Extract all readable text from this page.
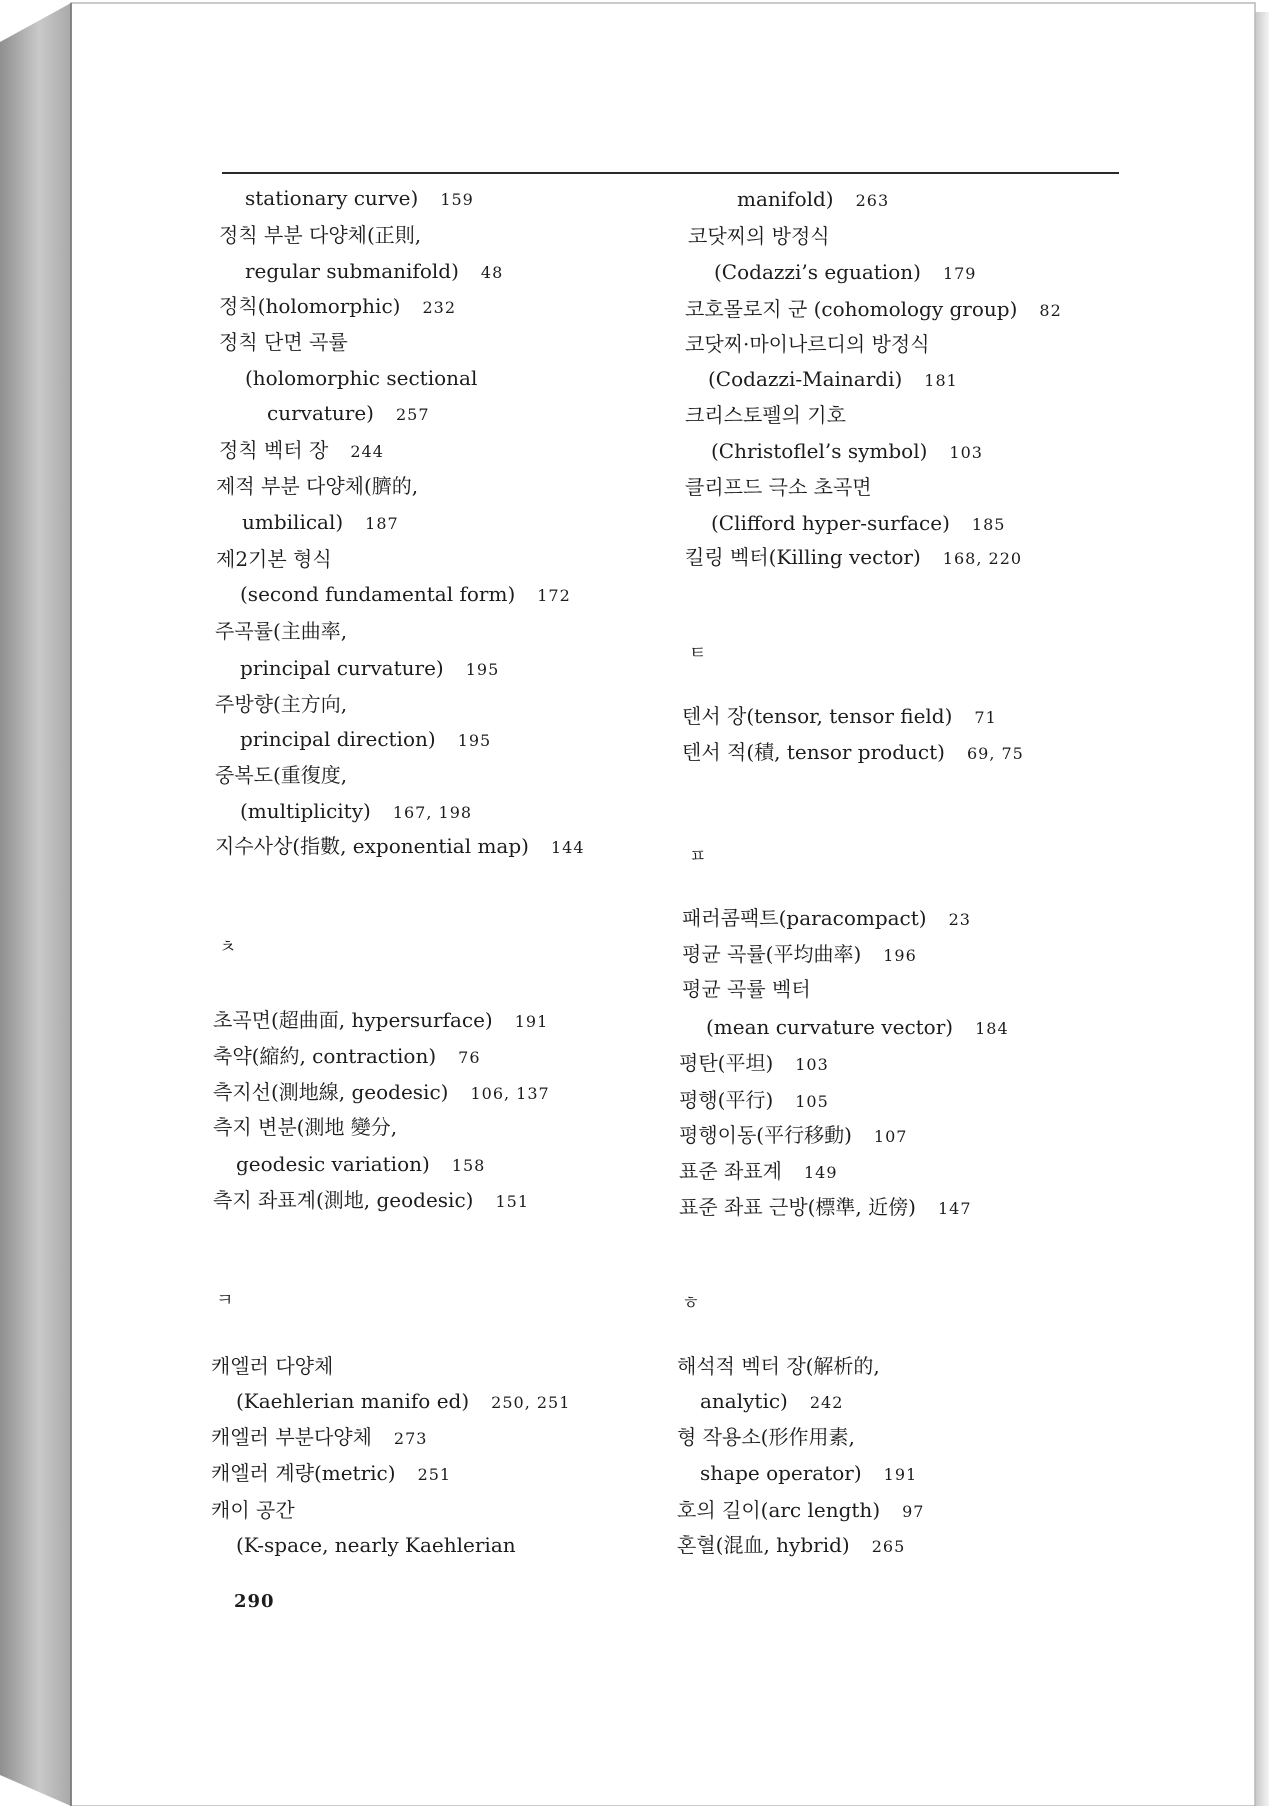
stationary curve) 159
정칙 부분 다양체(正則,
regular submanifold) 48
정칙(holomorphic) 232
정칙 단면 곡률
(holomorphic sectional
curvature) 257
정칙 벡터 장 244
제적 부분 다양체(臍的,
umbilical) 187
제2기본 형식
(second fundamental form) 172
주곡률(主曲率,
principal curvature) 195
주방향(主方向,
principal direction) 195
중복도(重復度,
(multiplicity) 167, 198
지수사상(指數, exponential map) 144
ㅊ
초곡면(超曲面, hypersurface) 191
축약(縮約, contraction) 76
측지선(測地線, geodesic) 106, 137
측지 변분(測地 變分,
geodesic variation) 158
측지 좌표계(測地, geodesic) 151
ㅋ
캐엘러 다양체
(Kaehlerian manifo ed) 250, 251
캐엘러 부분다양체 273
캐엘러 계량(metric) 251
캐이 공간
(K-space, nearly Kaehlerian
manifold) 263
코닷찌의 방정식
(Codazzi’s eguation) 179
코호몰로지 군 (cohomology group) 82
코닷찌·마이나르디의 방정식
(Codazzi-Mainardi) 181
크리스토펠의 기호
(Christoflel’s symbol) 103
클리프드 극소 초곡면
(Clifford hyper-surface) 185
킬링 벡터(Killing vector) 168, 220
ㅌ
텐서 장(tensor, tensor field) 71
텐서 적(積, tensor product) 69, 75
ㅍ
패러콤팩트(paracompact) 23
평균 곡률(平均曲率) 196
평균 곡률 벡터
(mean curvature vector) 184
평탄(平坦) 103
평행(平行) 105
평행이동(平行移動) 107
표준 좌표계 149
표준 좌표 근방(標準, 近傍) 147
ㅎ
해석적 벡터 장(解析的,
analytic) 242
형 작용소(形作用素,
shape operator) 191
호의 길이(arc length) 97
혼혈(混血, hybrid) 265
290
